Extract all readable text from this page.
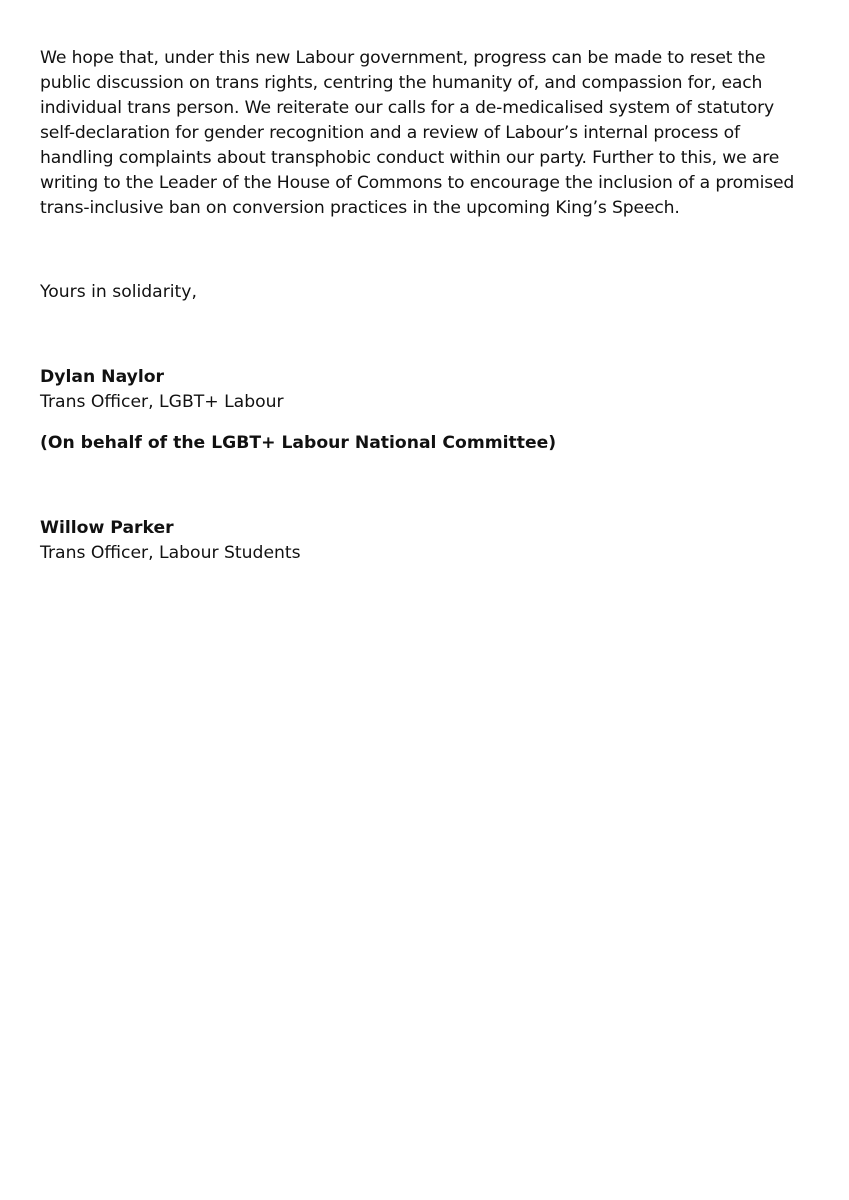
We hope that, under this new Labour government, progress can be made to reset the
public discussion on trans rights, centring the humanity of, and compassion for, each
individual trans person. We reiterate our calls for a de-medicalised system of statutory
self-declaration for gender recognition and a review of Labour’s internal process of
handling complaints about transphobic conduct within our party. Further to this, we are
writing to the Leader of the House of Commons to encourage the inclusion of a promised
trans-inclusive ban on conversion practices in the upcoming King’s Speech.

Yours in solidarity,

Dylan Naylor

Trans Officer, LGBT+ Labour

(On behalf of the LGBT+ Labour National Committee)

Willow Parker

Trans Officer, Labour Students
